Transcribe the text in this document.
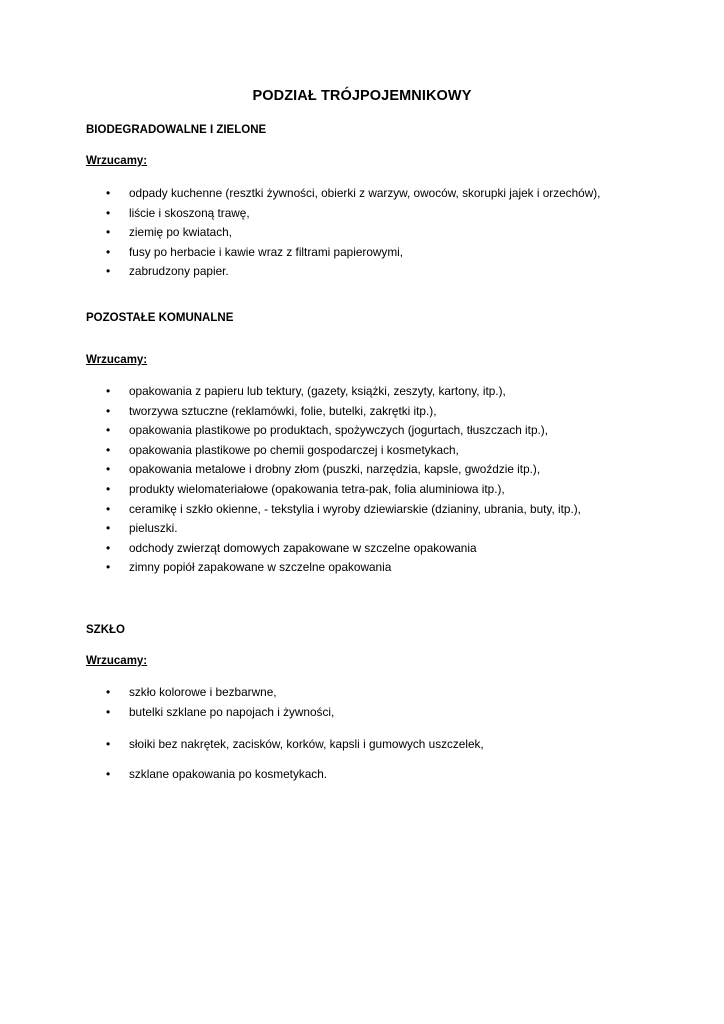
PODZIAŁ TRÓJPOJEMNIKOWY
BIODEGRADOWALNE I ZIELONE
Wrzucamy:
• odpady kuchenne (resztki żywności, obierki z warzyw, owoców, skorupki jajek i orzechów),
• liście i skoszoną trawę,
• ziemię po kwiatach,
• fusy po herbacie i kawie wraz z filtrami papierowymi,
• zabrudzony papier.
POZOSTAŁE KOMUNALNE
Wrzucamy:
• opakowania z papieru lub tektury, (gazety, książki, zeszyty, kartony, itp.),
• tworzywa sztuczne (reklamówki, folie, butelki, zakrętki itp.),
• opakowania plastikowe po produktach, spożywczych (jogurtach, tłuszczach itp.),
• opakowania plastikowe po chemii gospodarczej i kosmetykach,
• opakowania metalowe i drobny złom (puszki, narzędzia, kapsle, gwoździe itp.),
• produkty wielomateriałowe (opakowania tetra-pak, folia aluminiowa itp.),
• ceramikę i szkło okienne, - tekstylia i wyroby dziewiarskie (dzianiny, ubrania, buty, itp.),
• pieluszki.
• odchody zwierząt domowych zapakowane w szczelne opakowania
• zimny popiół zapakowane w szczelne opakowania
SZKŁO
Wrzucamy:
• szkło kolorowe i bezbarwne,
• butelki szklane po napojach i żywności,
• słoiki bez nakrętek, zacisków, korków, kapsli i gumowych uszczelek,
• szklane opakowania po kosmetykach.
